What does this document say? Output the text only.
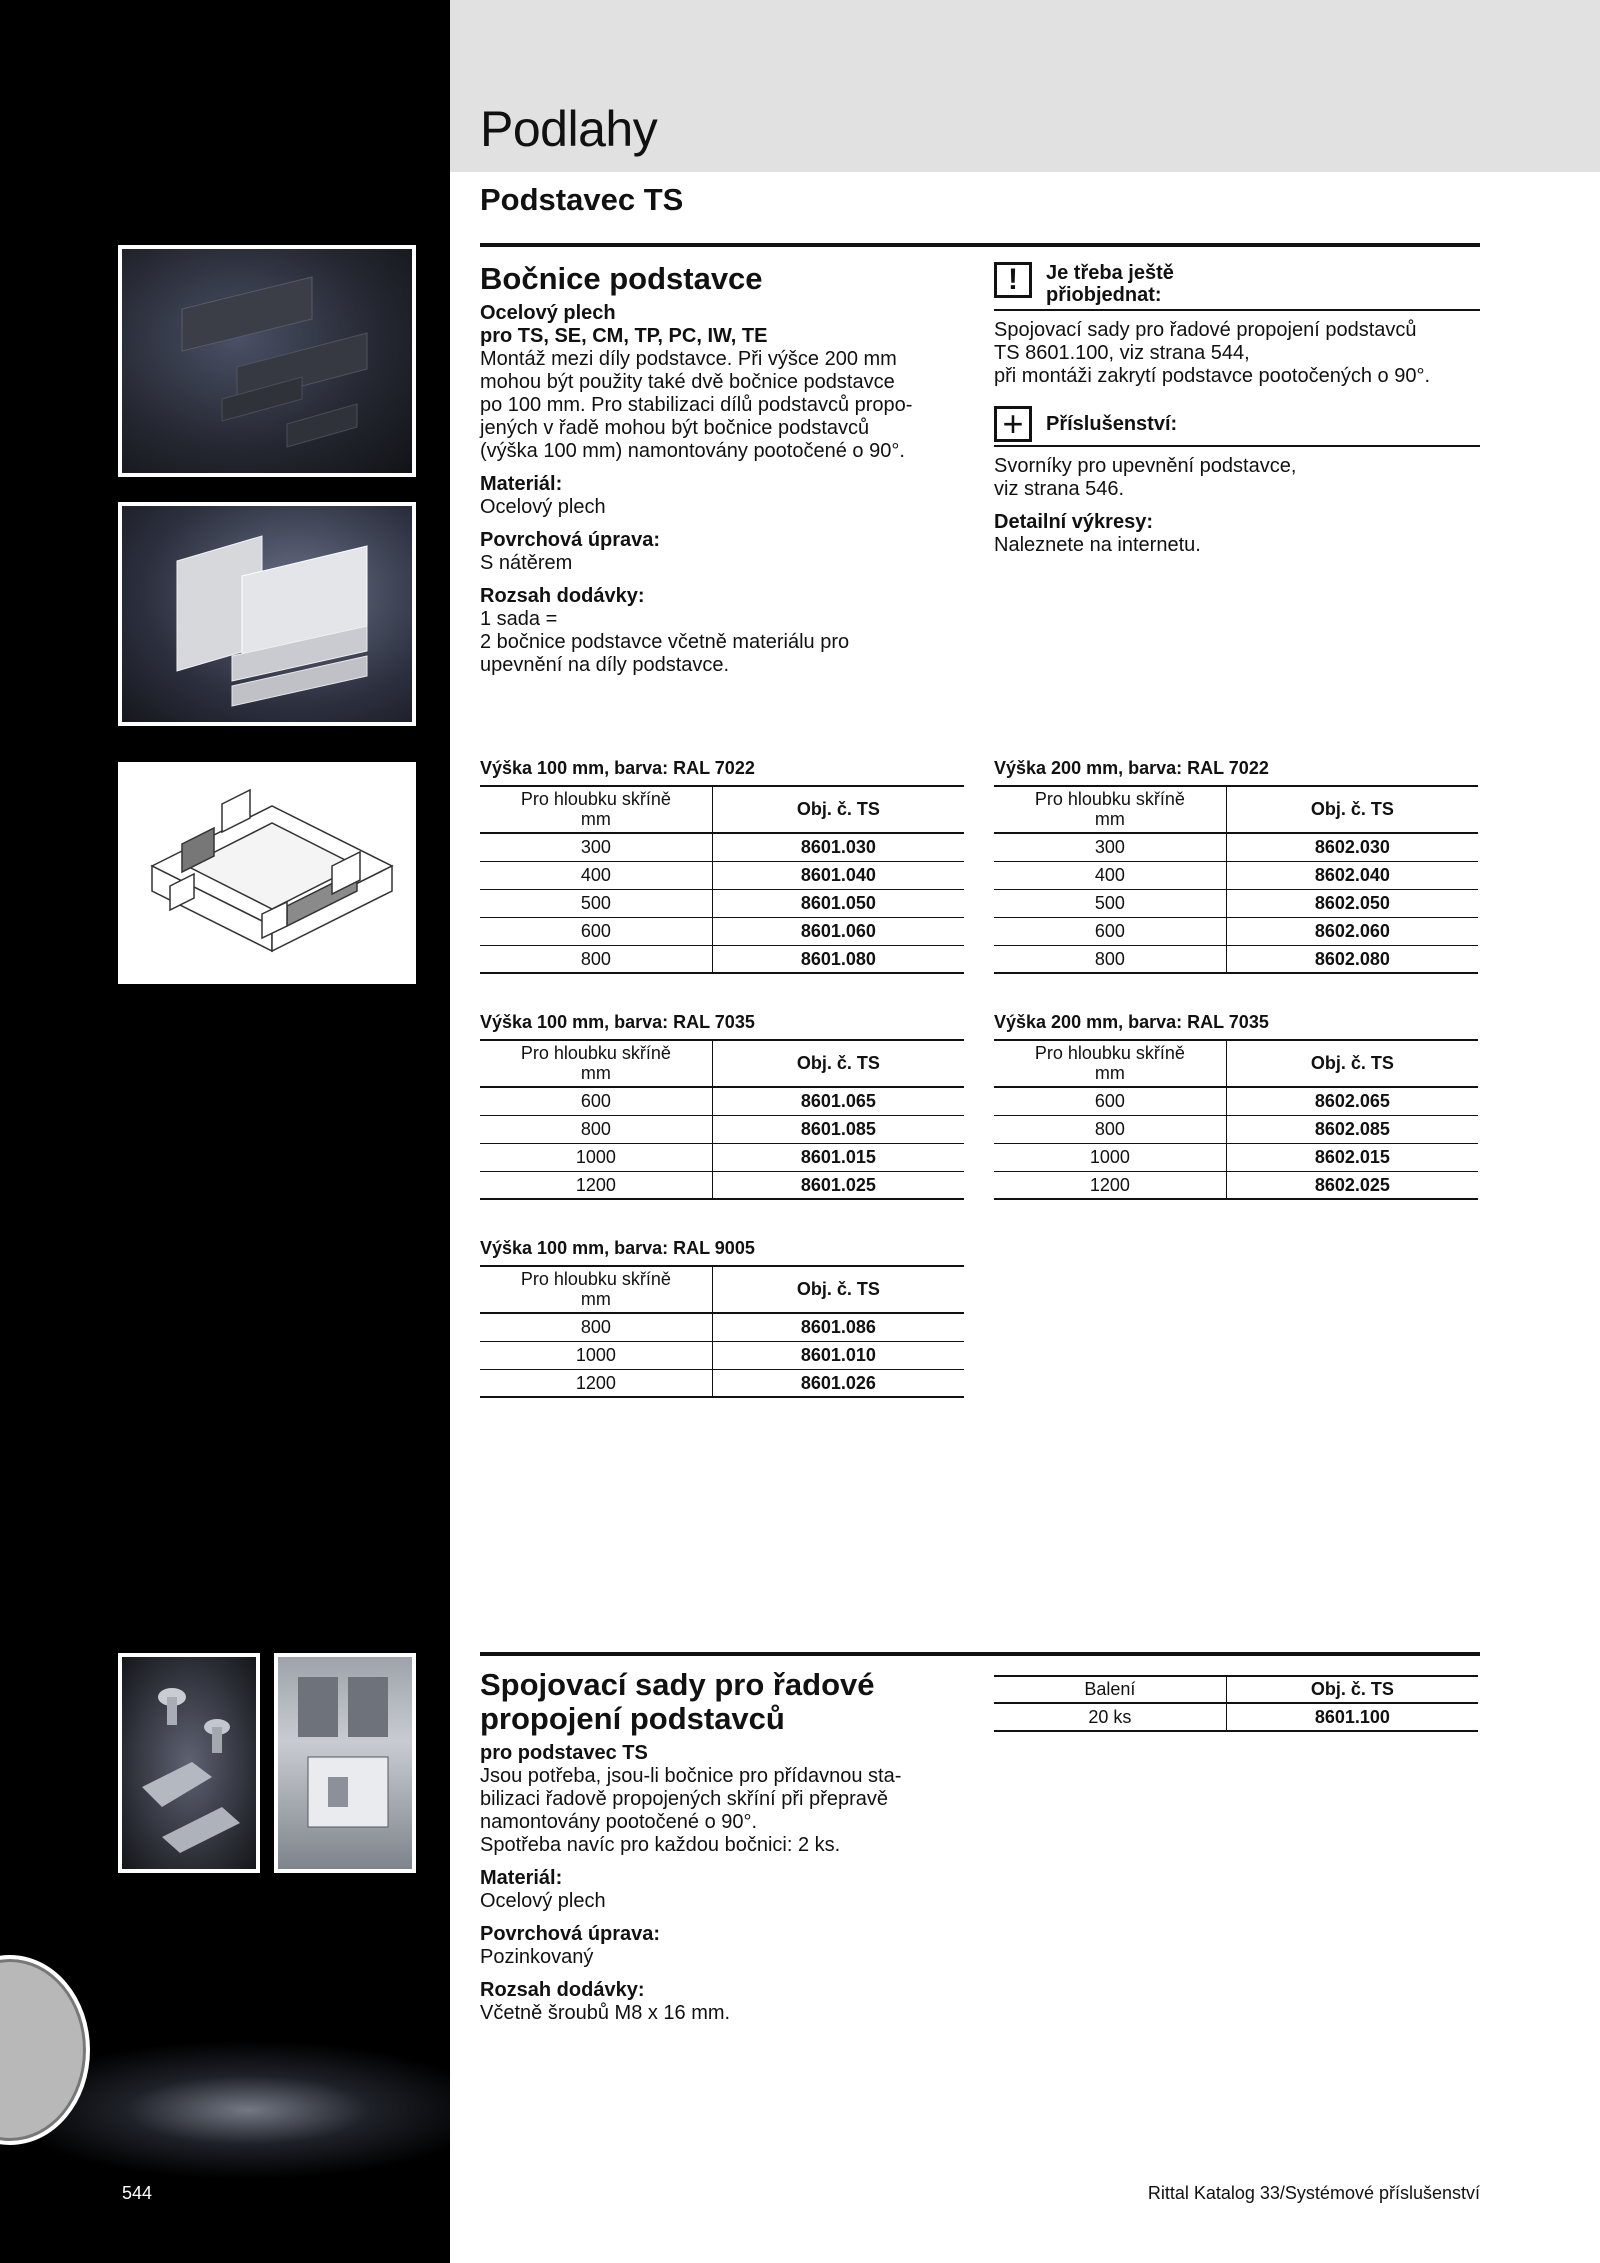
Podlahy
Podstavec TS
Bočnice podstavce
Ocelový plech
pro TS, SE, CM, TP, PC, IW, TE
Montáž mezi díly podstavce. Při výšce 200 mm
mohou být použity také dvě bočnice podstavce
po 100 mm. Pro stabilizaci dílů podstavců propo-
jených v řadě mohou být bočnice podstavců
(výška 100 mm) namontovány pootočené o 90°.
Materiál:
Ocelový plech
Povrchová úprava:
S nátěrem
Rozsah dodávky:
1 sada =
2 bočnice podstavce včetně materiálu pro
upevnění na díly podstavce.
!	Je třeba ještě
přiobjednat:
Spojovací sady pro řadové propojení podstavců
TS 8601.100, viz strana 544,
při montáži zakrytí podstavce pootočených o 90°.
+	Příslušenství:
Svorníky pro upevnění podstavce,
viz strana 546.
Detailní výkresy:
Naleznete na internetu.
Výška 100 mm, barva: RAL 7022
Pro hloubku skříně
mm	Obj. č. TS
300	8601.030
400	8601.040
500	8601.050
600	8601.060
800	8601.080
Výška 200 mm, barva: RAL 7022
Pro hloubku skříně
mm	Obj. č. TS
300	8602.030
400	8602.040
500	8602.050
600	8602.060
800	8602.080
Výška 100 mm, barva: RAL 7035
Pro hloubku skříně
mm	Obj. č. TS
600	8601.065
800	8601.085
1000	8601.015
1200	8601.025
Výška 200 mm, barva: RAL 7035
Pro hloubku skříně
mm	Obj. č. TS
600	8602.065
800	8602.085
1000	8602.015
1200	8602.025
Výška 100 mm, barva: RAL 9005
Pro hloubku skříně
mm	Obj. č. TS
800	8601.086
1000	8601.010
1200	8601.026
Spojovací sady pro řadové
propojení podstavců
pro podstavec TS
Jsou potřeba, jsou-li bočnice pro přídavnou sta-
bilizaci řadově propojených skříní při přepravě
namontovány pootočené o 90°.
Spotřeba navíc pro každou bočnici: 2 ks.
Materiál:
Ocelový plech
Povrchová úprava:
Pozinkovaný
Rozsah dodávky:
Včetně šroubů M8 x 16 mm.
Balení	Obj. č. TS
20 ks	8601.100
544	Rittal Katalog 33/Systémové příslušenství
